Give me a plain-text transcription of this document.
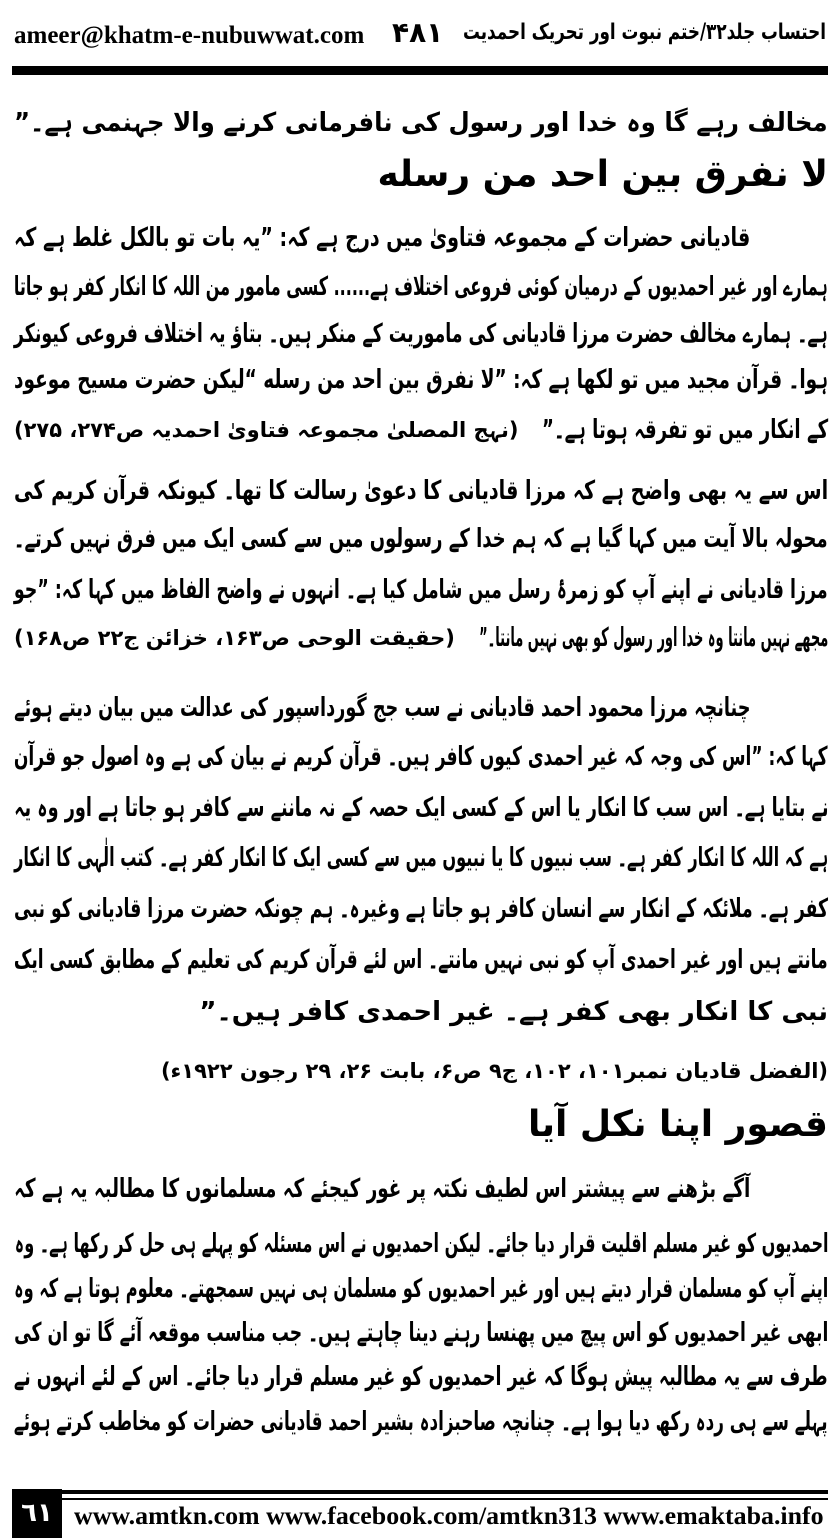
ameer@khatm-e-nubuwwat.com ۴۸۱ احتساب جلد۳۲/ختم نبوت اور تحریک احمدیت
مخالف رہے گا وہ خدا اور رسول کی نافرمانی کرنے والا جہنمی ہے۔”
لا نفرق بین احد من رسله
قادیانی حضرات کے مجموعہ فتاویٰ میں درج ہے کہ: ”یہ بات تو بالکل غلط ہے کہ
ہمارے اور غیر احمدیوں کے درمیان کوئی فروعی اختلاف ہے...... کسی مامور من اللہ کا انکار کفر ہو جاتا
ہے۔ ہمارے مخالف حضرت مرزا قادیانی کی ماموریت کے منکر ہیں۔ بتاؤ یہ اختلاف فروعی کیونکر
ہوا۔ قرآن مجید میں تو لکھا ہے کہ: ”لا نفرق بین احد من رسله “لیکن حضرت مسیح موعود
کے انکار میں تو تفرقہ ہوتا ہے۔”
(نہج المصلیٰ مجموعہ فتاویٰ احمدیہ ص۲۷۴، ۲۷۵)
اس سے یہ بھی واضح ہے کہ مرزا قادیانی کا دعویٰ رسالت کا تھا۔ کیونکہ قرآن کریم کی
محولہ بالا آیت میں کہا گیا ہے کہ ہم خدا کے رسولوں میں سے کسی ایک میں فرق نہیں کرتے۔
مرزا قادیانی نے اپنے آپ کو زمرۂ رسل میں شامل کیا ہے۔ انہوں نے واضح الفاظ میں کہا کہ: ”جو
مجھے نہیں مانتا وہ خدا اور رسول کو بھی نہیں مانتا۔”
(حقیقت الوحی ص۱۶۳، خزائن ج۲۲ ص۱۶۸)
چنانچہ مرزا محمود احمد قادیانی نے سب جج گورداسپور کی عدالت میں بیان دیتے ہوئے
کہا کہ: ”اس کی وجہ کہ غیر احمدی کیوں کافر ہیں۔ قرآن کریم نے بیان کی ہے وہ اصول جو قرآن
نے بتایا ہے۔ اس سب کا انکار یا اس کے کسی ایک حصہ کے نہ ماننے سے کافر ہو جاتا ہے اور وہ یہ
ہے کہ اللہ کا انکار کفر ہے۔ سب نبیوں کا یا نبیوں میں سے کسی ایک کا انکار کفر ہے۔ کتب الٰہی کا انکار
کفر ہے۔ ملائکہ کے انکار سے انسان کافر ہو جاتا ہے وغیرہ۔ ہم چونکہ حضرت مرزا قادیانی کو نبی
مانتے ہیں اور غیر احمدی آپ کو نبی نہیں مانتے۔ اس لئے قرآن کریم کی تعلیم کے مطابق کسی ایک
نبی کا انکار بھی کفر ہے۔ غیر احمدی کافر ہیں۔”
(الفضل قادیان نمبر۱۰۱، ۱۰۲، ج۹ ص۶، بابت ۲۶، ۲۹ رجون ۱۹۲۲ء)
قصور اپنا نکل آیا
آگے بڑھنے سے پیشتر اس لطیف نکتہ پر غور کیجئے کہ مسلمانوں کا مطالبہ یہ ہے کہ
احمدیوں کو غیر مسلم اقلیت قرار دیا جائے۔ لیکن احمدیوں نے اس مسئلہ کو پہلے ہی حل کر رکھا ہے۔ وہ
اپنے آپ کو مسلمان قرار دیتے ہیں اور غیر احمدیوں کو مسلمان ہی نہیں سمجھتے۔ معلوم ہوتا ہے کہ وہ
ابھی غیر احمدیوں کو اس پیچ میں پھنسا رہنے دینا چاہتے ہیں۔ جب مناسب موقعہ آئے گا تو ان کی
طرف سے یہ مطالبہ پیش ہوگا کہ غیر احمدیوں کو غیر مسلم قرار دیا جائے۔ اس کے لئے انہوں نے
پہلے سے ہی ردہ رکھ دیا ہوا ہے۔ چنانچہ صاحبزادہ بشیر احمد قادیانی حضرات کو مخاطب کرتے ہوئے
٦١ www.amtkn.com www.facebook.com/amtkn313 www.emaktaba.info
